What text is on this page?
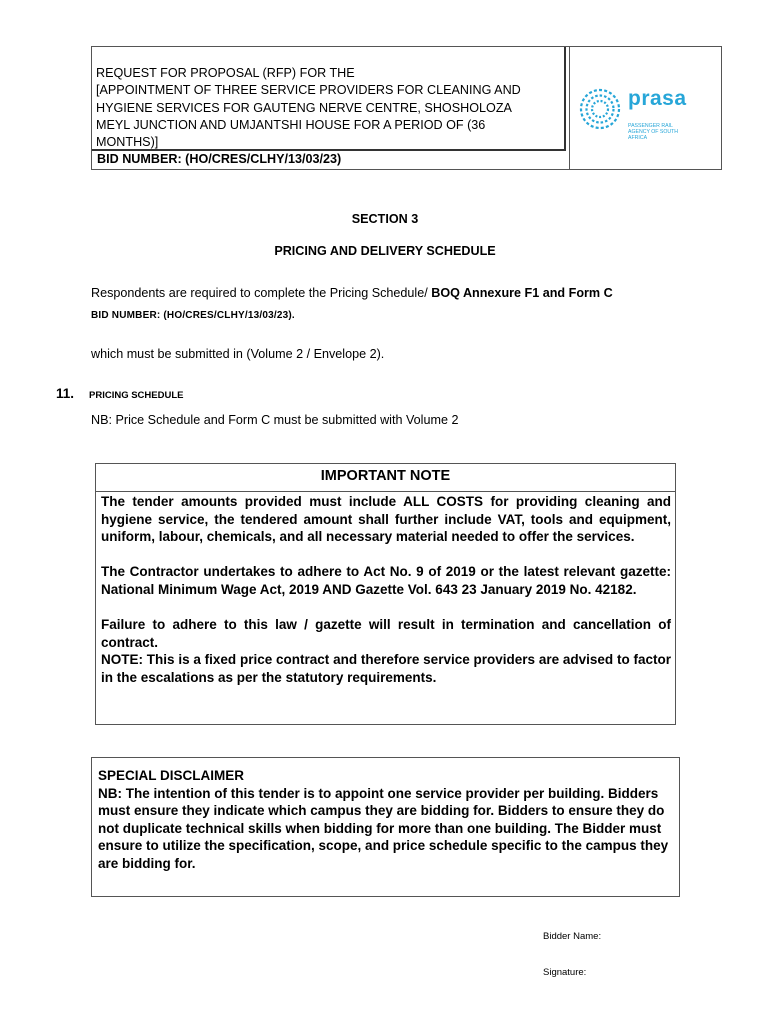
REQUEST FOR PROPOSAL (RFP) FOR THE
[APPOINTMENT OF THREE SERVICE PROVIDERS FOR CLEANING AND
HYGIENE SERVICES FOR GAUTENG NERVE CENTRE, SHOSHOLOZA
MEYL JUNCTION AND UMJANTSHI HOUSE FOR A PERIOD OF (36
MONTHS)]
BID NUMBER: (HO/CRES/CLHY/13/03/23)
prasa
PASSENGER RAIL AGENCY OF SOUTH AFRICA
SECTION 3
PRICING AND DELIVERY SCHEDULE
Respondents are required to complete the Pricing Schedule/ BOQ Annexure F1 and Form C
BID NUMBER: (HO/CRES/CLHY/13/03/23).
which must be submitted in (Volume 2 / Envelope 2).
11. PRICING SCHEDULE
NB: Price Schedule and Form C must be submitted with Volume 2
IMPORTANT NOTE

The tender amounts provided must include ALL COSTS for providing cleaning and hygiene service, the tendered amount shall further include VAT, tools and equipment, uniform, labour, chemicals, and all necessary material needed to offer the services.

The Contractor undertakes to adhere to Act No. 9 of 2019 or the latest relevant gazette: National Minimum Wage Act, 2019 AND Gazette Vol. 643 23 January 2019 No. 42182.

Failure to adhere to this law / gazette will result in termination and cancellation of contract.

NOTE: This is a fixed price contract and therefore service providers are advised to factor in the escalations as per the statutory requirements.

SPECIAL DISCLAIMER

NB: The intention of this tender is to appoint one service provider per building. Bidders must ensure they indicate which campus they are bidding for. Bidders to ensure they do not duplicate technical skills when bidding for more than one building. The Bidder must ensure to utilize the specification, scope, and price schedule specific to the campus they are bidding for.

Bidder Name:
Signature:
